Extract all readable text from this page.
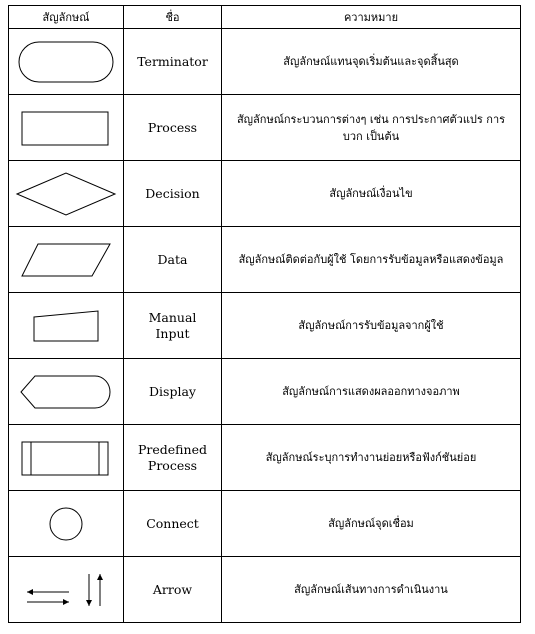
สัญลักษณ์	ชื่อ	ความหมาย

	Terminator	สัญลักษณ์แทนจุดเริ่มต้นและจุดสิ้นสุด

	Process	สัญลักษณ์กระบวนการต่างๆ เช่น การประกาศตัวแปร การบวก เป็นต้น

	Decision	สัญลักษณ์เงื่อนไข

	Data	สัญลักษณ์ติดต่อกับผู้ใช้ โดยการรับข้อมูลหรือแสดงข้อมูล

	Manual
Input	สัญลักษณ์การรับข้อมูลจากผู้ใช้

	Display	สัญลักษณ์การแสดงผลออกทางจอภาพ

	Predefined
Process	สัญลักษณ์ระบุการทำงานย่อยหรือฟังก์ชันย่อย

	Connect	สัญลักษณ์จุดเชื่อม

	Arrow	สัญลักษณ์เส้นทางการดำเนินงาน
